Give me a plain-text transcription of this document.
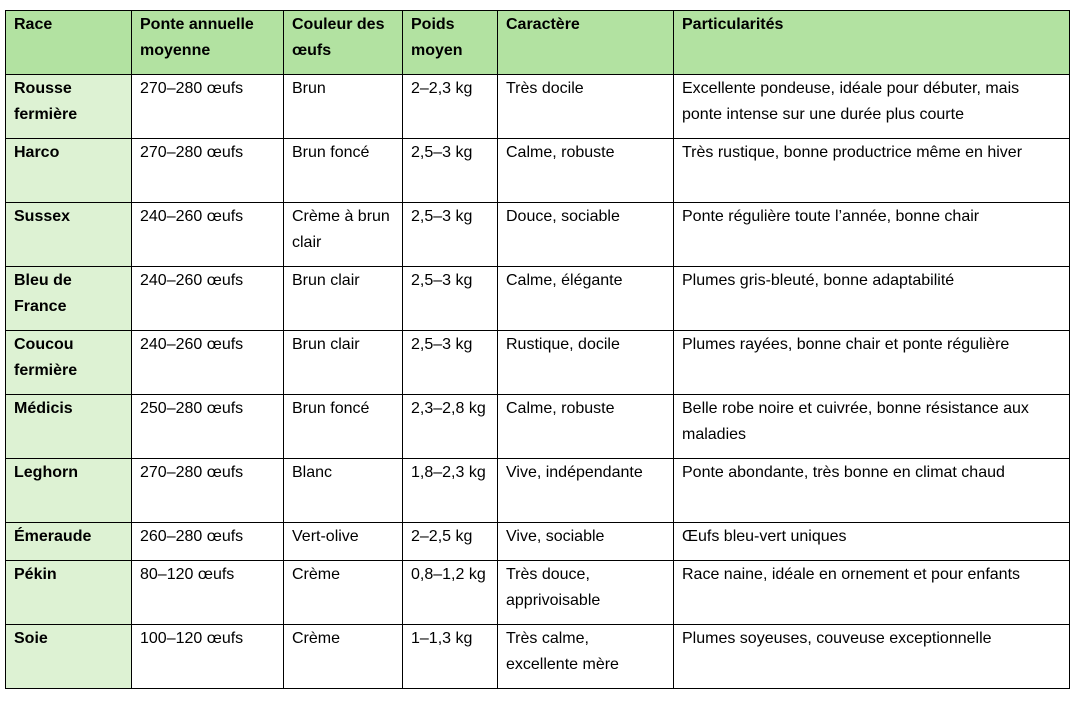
Race	Ponte annuelle moyenne	Couleur des œufs	Poids moyen	Caractère	Particularités
Rousse fermière	270–280 œufs	Brun	2–2,3 kg	Très docile	Excellente pondeuse, idéale pour débuter, mais ponte intense sur une durée plus courte
Harco	270–280 œufs	Brun foncé	2,5–3 kg	Calme, robuste	Très rustique, bonne productrice même en hiver
Sussex	240–260 œufs	Crème à brun clair	2,5–3 kg	Douce, sociable	Ponte régulière toute l’année, bonne chair
Bleu de France	240–260 œufs	Brun clair	2,5–3 kg	Calme, élégante	Plumes gris-bleuté, bonne adaptabilité
Coucou fermière	240–260 œufs	Brun clair	2,5–3 kg	Rustique, docile	Plumes rayées, bonne chair et ponte régulière
Médicis	250–280 œufs	Brun foncé	2,3–2,8 kg	Calme, robuste	Belle robe noire et cuivrée, bonne résistance aux maladies
Leghorn	270–280 œufs	Blanc	1,8–2,3 kg	Vive, indépendante	Ponte abondante, très bonne en climat chaud
Émeraude	260–280 œufs	Vert-olive	2–2,5 kg	Vive, sociable	Œufs bleu-vert uniques
Pékin	80–120 œufs	Crème	0,8–1,2 kg	Très douce, apprivoisable	Race naine, idéale en ornement et pour enfants
Soie	100–120 œufs	Crème	1–1,3 kg	Très calme, excellente mère	Plumes soyeuses, couveuse exceptionnelle
